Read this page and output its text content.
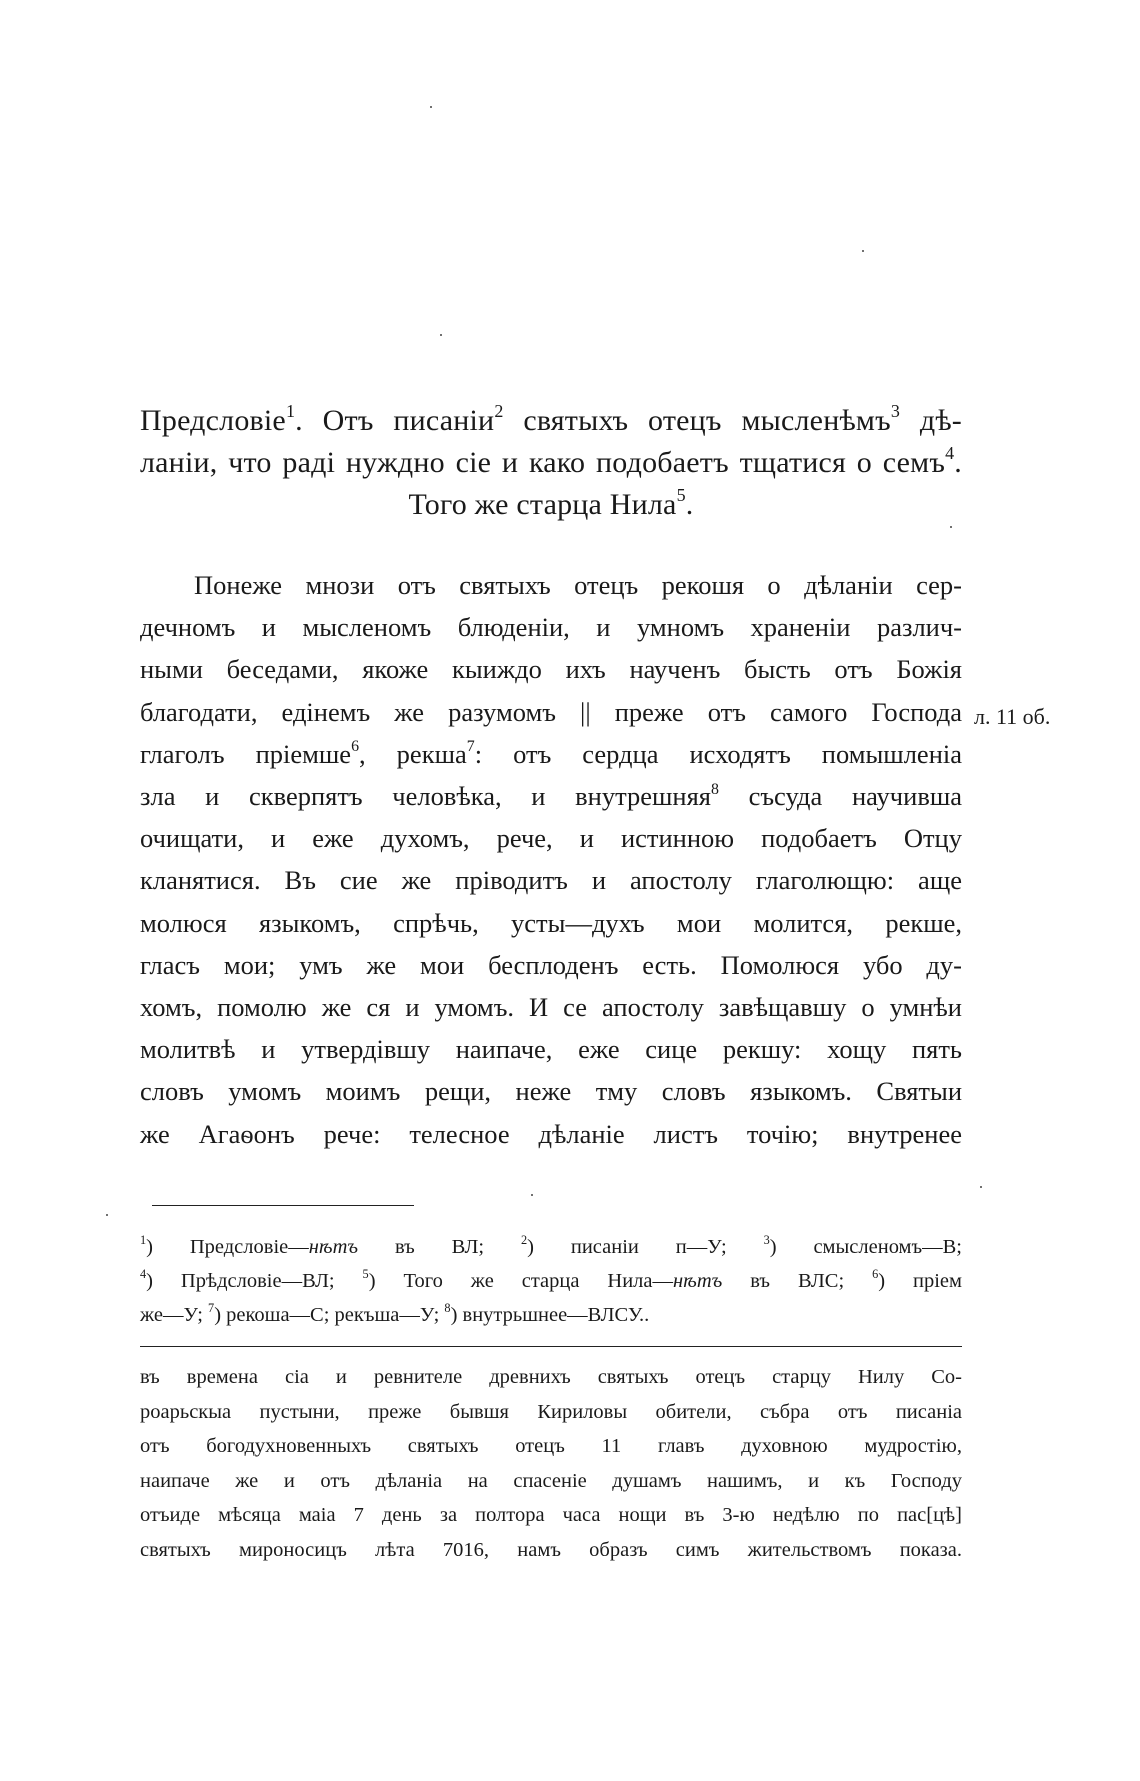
Предсловіе$^1$. Отъ писаніи$^2$ святыхъ отецъ мысленѣмъ$^3$ дѣ-
ланіи, что раді нуждно сіе и како подобаетъ тщатися о семъ$^4$.
Того же старца Нила$^5$.
Понеже мнози отъ святыхъ отецъ рекошя о дѣланіи сер-
дечномъ и мысленомъ блюденіи, и умномъ храненіи различ-
ными беседами, якоже кыиждо ихъ наученъ бысть отъ Божія
благодати, едінемъ же разумомъ || преже отъ самого Господа
глаголъ пріемше$^6$, рекша$^7$: отъ сердца исходятъ помышленіа
зла и скверпятъ человѣка, и внутрешняя$^8$ съсуда научивша
очищати, и еже духомъ, рече, и истинною подобаетъ Отцу
кланятися. Въ сие же пріводитъ и апостолу глаголющю: аще
молюся языкомъ, спрѣчь, усты—духъ мои молится, рекше,
гласъ мои; умъ же мои бесплоденъ есть. Помолюся убо ду-
хомъ, помолю же ся и умомъ. И се апостолу завѣщавшу о умнѣи
молитвѣ и утвердівшу наипаче, еже сице рекшу: хощу пять
словъ умомъ моимъ рещи, неже тму словъ языкомъ. Святыи
же Агаѳонъ рече: телесное дѣланіе листъ точію; внутренее
л. 11 об.
$^1$) Предсловіе—нѣтъ въ ВЛ;	$^2$) писаніи п—У;	$^3$) смысленомъ—В;
$^4$) Прѣдсловіе—ВЛ; $^5$) Того же старца Нила—нѣтъ въ ВЛС; $^6$) пріем
же—У; $^7$) рекоша—С; рекъша—У; $^8$) внутрьшнее—ВЛСУ..
въ времена сіа и ревнителе древнихъ святыхъ отецъ старцу Нилу Со-
роарьскыа пустыни, преже бывшя Кириловы обители, събра отъ писаніа
отъ богодухновенныхъ святыхъ отецъ 11 главъ духовною мудростію,
наипаче же и отъ дѣланіа на спасеніе душамъ нашимъ, и къ Господу
отъиде мѣсяца маіа 7 день за полтора часа нощи въ 3-ю недѣлю по пас[цѣ]
святыхъ мироносицъ лѣта 7016, намъ образъ симъ жительствомъ показа.
